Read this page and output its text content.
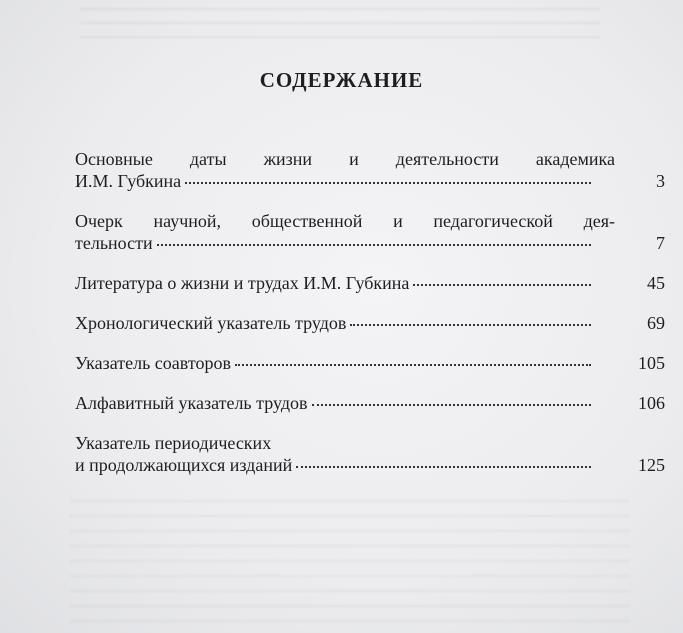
СОДЕРЖАНИЕ
Основные даты жизни и деятельности академика
И.М. Губкина	3
Очерк научной, общественной и педагогической дея-
тельности	7
Литература о жизни и трудах И.М. Губкина	45
Хронологический указатель трудов	69
Указатель соавторов	105
Алфавитный указатель трудов	106
Указатель периодических
и продолжающихся изданий	125
